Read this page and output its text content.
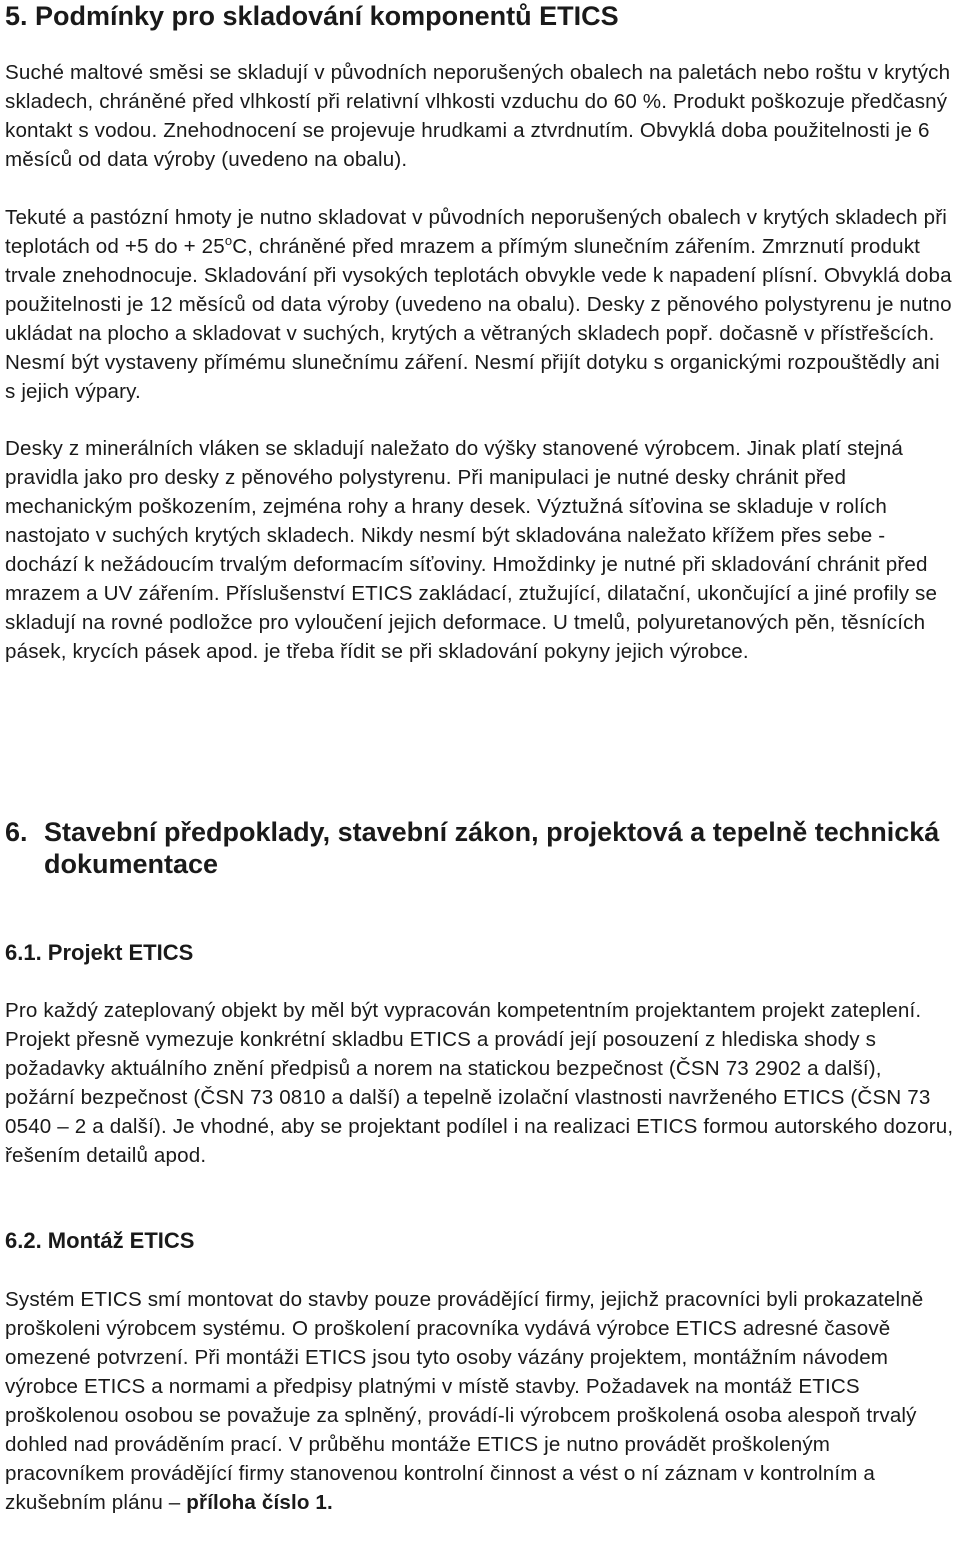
5. Podmínky pro skladování komponentů ETICS

Suché maltové směsi se skladují v původních neporušených obalech na paletách nebo roštu v krytých skladech, chráněné před vlhkostí při relativní vlhkosti vzduchu do 60 %. Produkt poškozuje předčasný kontakt s vodou. Znehodnocení se projevuje hrudkami a ztvrdnutím. Obvyklá doba použitelnosti je 6 měsíců od data výroby (uvedeno na obalu).

Tekuté a pastózní hmoty je nutno skladovat v původních neporušených obalech v krytých skladech při teplotách od +5 do + $25^oC$, chráněné před mrazem a přímým slunečním zářením. Zmrznutí produkt trvale znehodnocuje. Skladování při vysokých teplotách obvykle vede k napadení plísní. Obvyklá doba použitelnosti je 12 měsíců od data výroby (uvedeno na obalu). Desky z pěnového polystyrenu je nutno ukládat na plocho a skladovat v suchých, krytých a větraných skladech popř. dočasně v přístřešcích. Nesmí být vystaveny přímému slunečnímu záření. Nesmí přijít dotyku s organickými rozpouštědly ani s jejich výpary.

Desky z minerálních vláken se skladují naležato do výšky stanovené výrobcem. Jinak platí stejná pravidla jako pro desky z pěnového polystyrenu. Při manipulaci je nutné desky chránit před mechanickým poškozením, zejména rohy a hrany desek. Výztužná síťovina se skladuje v rolích nastojato v suchých krytých skladech. Nikdy nesmí být skladována naležato křížem přes sebe - dochází k nežádoucím trvalým deformacím síťoviny. Hmoždinky je nutné při skladování chránit před mrazem a UV zářením. Příslušenství ETICS zakládací, ztužující, dilatační, ukončující a jiné profily se skladují na rovné podložce pro vyloučení jejich deformace. U tmelů, polyuretanových pěn, těsnících pásek, krycích pásek apod. je třeba řídit se při skladování pokyny jejich výrobce.

6. Stavební předpoklady, stavební zákon, projektová a tepelně technická dokumentace
6.1. Projekt ETICS

Pro každý zateplovaný objekt by měl být vypracován kompetentním projektantem projekt zateplení. Projekt přesně vymezuje konkrétní skladbu ETICS a provádí její posouzení z hlediska shody s požadavky aktuálního znění předpisů a norem na statickou bezpečnost (ČSN 73 2902 a další), požární bezpečnost (ČSN 73 0810 a další) a tepelně izolační vlastnosti navrženého ETICS (ČSN 73 0540 – 2 a další). Je vhodné, aby se projektant podílel i na realizaci ETICS formou autorského dozoru, řešením detailů apod.

6.2. Montáž ETICS

Systém ETICS smí montovat do stavby pouze provádějící firmy, jejichž pracovníci byli prokazatelně proškoleni výrobcem systému. O proškolení pracovníka vydává výrobce ETICS adresné časově omezené potvrzení. Při montáži ETICS jsou tyto osoby vázány projektem, montážním návodem výrobce ETICS a normami a předpisy platnými v místě stavby. Požadavek na montáž ETICS proškolenou osobou se považuje za splněný, provádí-li výrobcem proškolená osoba alespoň trvalý dohled nad prováděním prací. V průběhu montáže ETICS je nutno provádět proškoleným pracovníkem provádějící firmy stanovenou kontrolní činnost a vést o ní záznam v kontrolním a zkušebním plánu – příloha číslo 1.
